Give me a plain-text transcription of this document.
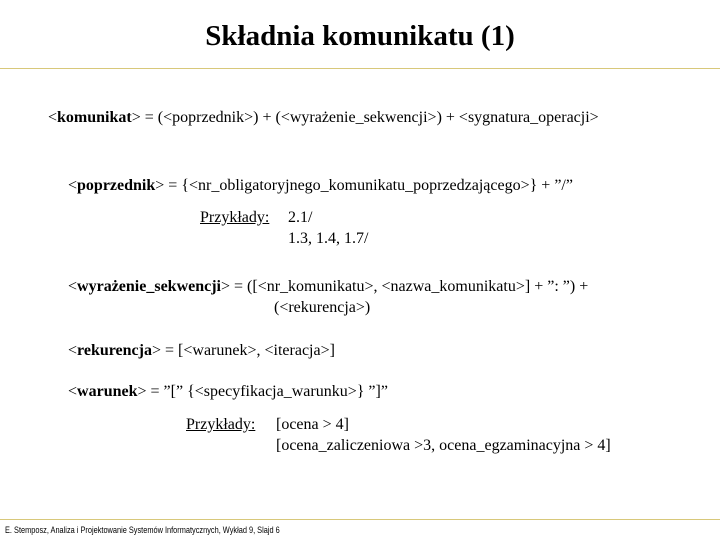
Składnia komunikatu (1)
<komunikat> = (<poprzednik>) + (<wyrażenie_sekwencji>) + <sygnatura_operacji>
<poprzednik> = {<nr_obligatoryjnego_komunikatu_poprzedzającego>} + ”/”
Przykłady: 2.1/
1.3, 1.4, 1.7/
<wyrażenie_sekwencji> = ([<nr_komunikatu>, <nazwa_komunikatu>] + ”: ”) +
(<rekurencja>)
<rekurencja> = [<warunek>, <iteracja>]
<warunek> = ”[” {<specyfikacja_warunku>} ”]”
Przykłady: [ocena > 4]
[ocena_zaliczeniowa >3, ocena_egzaminacyjna > 4]
E. Stemposz, Analiza i Projektowanie Systemów Informatycznych, Wykład 9, Slajd 6
